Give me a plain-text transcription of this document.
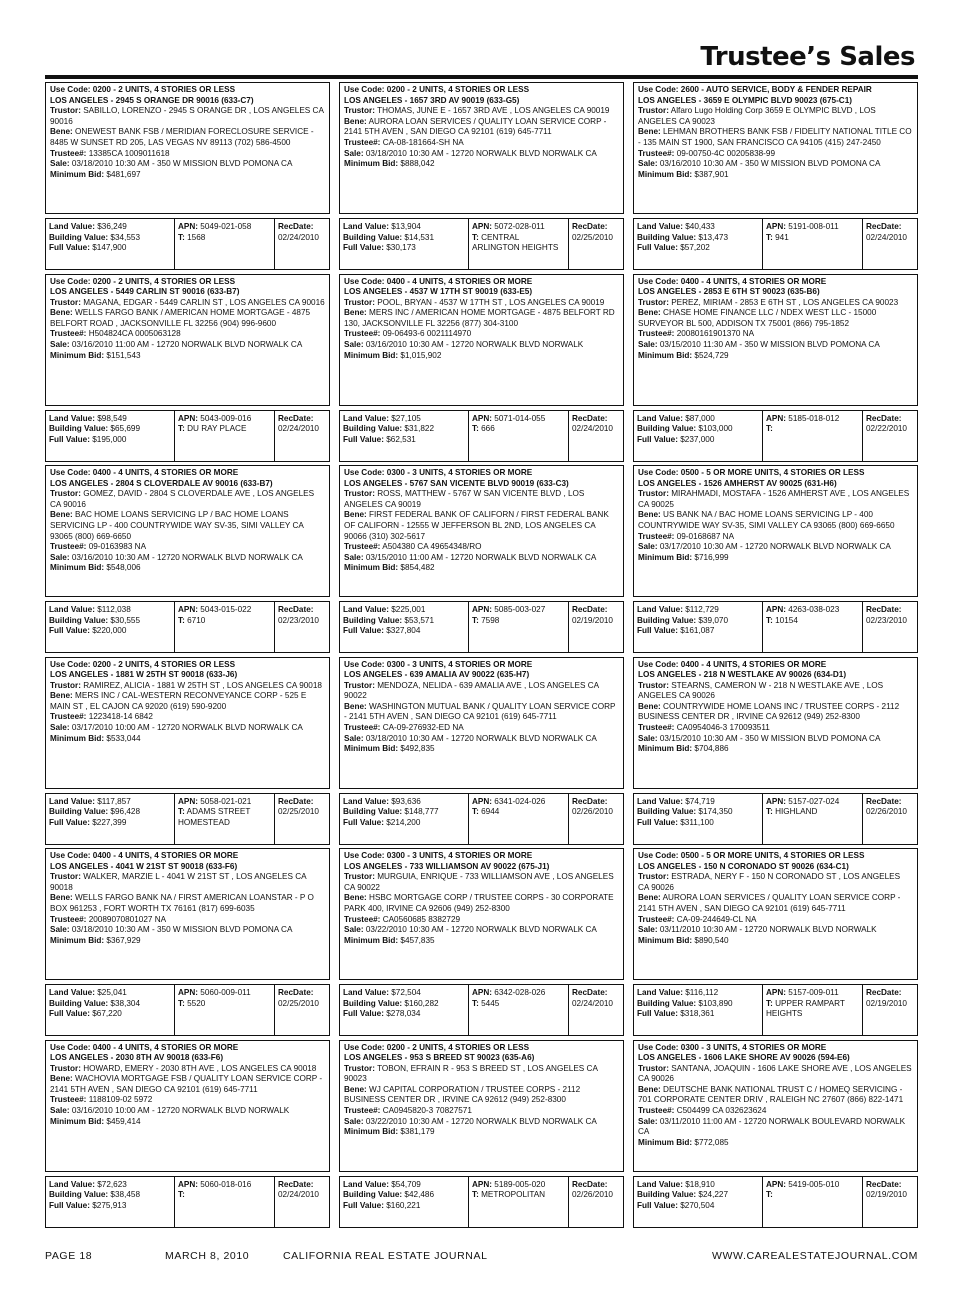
Trustee’s Sales
Use Code: 0200 - 2 UNITS, 4 STORIES OR LESS
LOS ANGELES - 2945 S ORANGE DR 90016 (633-C7)
Trustor: SABILLO, LORENZO - 2945 S ORANGE DR , LOS ANGELES CA 90016
Bene: ONEWEST BANK FSB / MERIDIAN FORECLOSURE SERVICE - 8485 W SUNSET RD 205, LAS VEGAS NV 89113 (702) 586-4500
Trustee#: 13385CA 1009011618
Sale: 03/18/2010 10:30 AM - 350 W MISSION BLVD POMONA CA
Minimum Bid: $481,697
Land Value: $36,249
Building Value: $34,553
Full Value: $147,900
APN: 5049-021-058
T: 1568
RecDate:
02/24/2010
Use Code: 0200 - 2 UNITS, 4 STORIES OR LESS
LOS ANGELES - 1657 3RD AV 90019 (633-G5)
Trustor: THOMAS, JUNE E - 1657 3RD AVE , LOS ANGELES CA 90019
Bene: AURORA LOAN SERVICES / QUALITY LOAN SERVICE CORP - 2141 5TH AVEN , SAN DIEGO CA 92101 (619) 645-7711
Trustee#: CA-08-181664-SH NA
Sale: 03/18/2010 10:30 AM - 12720 NORWALK BLVD NORWALK CA
Minimum Bid: $888,042
Land Value: $13,904
Building Value: $14,531
Full Value: $30,173
APN: 5072-028-011
T: CENTRAL ARLINGTON HEIGHTS
RecDate:
02/25/2010
Use Code: 2600 - AUTO SERVICE, BODY & FENDER REPAIR
LOS ANGELES - 3659 E OLYMPIC BLVD 90023 (675-C1)
Trustor: Alfaro Lugo Holding Corp 3659 E OLYMPIC BLVD , LOS ANGELES CA 90023
Bene: LEHMAN BROTHERS BANK FSB / FIDELITY NATIONAL TITLE CO - 135 MAIN ST 1900, SAN FRANCISCO CA 94105 (415) 247-2450
Trustee#: 09-00750-4C 00205838-99
Sale: 03/16/2010 10:30 AM - 350 W MISSION BLVD POMONA CA
Minimum Bid: $387,901
Land Value: $40,433
Building Value: $13,473
Full Value: $57,202
APN: 5191-008-011
T: 941
RecDate:
02/24/2010
Use Code: 0200 - 2 UNITS, 4 STORIES OR LESS
LOS ANGELES - 5449 CARLIN ST 90016 (633-B7)
Trustor: MAGANA, EDGAR - 5449 CARLIN ST , LOS ANGELES CA 90016
Bene: WELLS FARGO BANK / AMERICAN HOME MORTGAGE - 4875 BELFORT ROAD , JACKSONVILLE FL 32256 (904) 996-9600
Trustee#: H504824CA 0005063128
Sale: 03/16/2010 11:00 AM - 12720 NORWALK BLVD NORWALK CA
Minimum Bid: $151,543
Land Value: $98,549
Building Value: $65,699
Full Value: $195,000
APN: 5043-009-016
T: DU RAY PLACE
RecDate:
02/24/2010
Use Code: 0400 - 4 UNITS, 4 STORIES OR MORE
LOS ANGELES - 4537 W 17TH ST 90019 (633-E5)
Trustor: POOL, BRYAN - 4537 W 17TH ST , LOS ANGELES CA 90019
Bene: MERS INC / AMERICAN HOME MORTGAGE - 4875 BELFORT RD 130, JACKSONVILLE FL 32256 (877) 304-3100
Trustee#: 09-06493-6 0021114970
Sale: 03/16/2010 10:30 AM - 12720 NORWALK BLVD NORWALK
Minimum Bid: $1,015,902
Land Value: $27,105
Building Value: $31,822
Full Value: $62,531
APN: 5071-014-055
T: 666
RecDate:
02/24/2010
Use Code: 0400 - 4 UNITS, 4 STORIES OR MORE
LOS ANGELES - 2853 E 6TH ST 90023 (635-B6)
Trustor: PEREZ, MIRIAM - 2853 E 6TH ST , LOS ANGELES CA 90023
Bene: CHASE HOME FINANCE LLC / NDEX WEST LLC - 15000 SURVEYOR BL 500, ADDISON TX 75001 (866) 795-1852
Trustee#: 20080161901370 NA
Sale: 03/15/2010 11:30 AM - 350 W MISSION BLVD POMONA CA
Minimum Bid: $524,729
Land Value: $87,000
Building Value: $103,000
Full Value: $237,000
APN: 5185-018-012
T:
RecDate:
02/22/2010
Use Code: 0400 - 4 UNITS, 4 STORIES OR MORE
LOS ANGELES - 2804 S CLOVERDALE AV 90016 (633-B7)
Trustor: GOMEZ, DAVID - 2804 S CLOVERDALE AVE , LOS ANGELES CA 90016
Bene: BAC HOME LOANS SERVICING LP / BAC HOME LOANS SERVICING LP - 400 COUNTRYWIDE WAY SV-35, SIMI VALLEY CA 93065 (800) 669-6650
Trustee#: 09-0163983 NA
Sale: 03/16/2010 10:30 AM - 12720 NORWALK BLVD NORWALK CA
Minimum Bid: $548,006
Land Value: $112,038
Building Value: $30,555
Full Value: $220,000
APN: 5043-015-022
T: 6710
RecDate:
02/23/2010
Use Code: 0300 - 3 UNITS, 4 STORIES OR MORE
LOS ANGELES - 5767 SAN VICENTE BLVD 90019 (633-C3)
Trustor: ROSS, MATTHEW - 5767 W SAN VICENTE BLVD , LOS ANGELES CA 90019
Bene: FIRST FEDERAL BANK OF CALIFORN / FIRST FEDERAL BANK OF CALIFORN - 12555 W JEFFERSON BL 2ND, LOS ANGELES CA 90066 (310) 302-5617
Trustee#: A504380 CA 49654348/RO
Sale: 03/15/2010 11:00 AM - 12720 NORWALK BLVD NORWALK CA
Minimum Bid: $854,482
Land Value: $225,001
Building Value: $53,571
Full Value: $327,804
APN: 5085-003-027
T: 7598
RecDate:
02/19/2010
Use Code: 0500 - 5 OR MORE UNITS, 4 STORIES OR LESS
LOS ANGELES - 1526 AMHERST AV 90025 (631-H6)
Trustor: MIRAHMADI, MOSTAFA - 1526 AMHERST AVE , LOS ANGELES CA 90025
Bene: US BANK NA / BAC HOME LOANS SERVICING LP - 400 COUNTRYWIDE WAY SV-35, SIMI VALLEY CA 93065 (800) 669-6650
Trustee#: 09-0168687 NA
Sale: 03/17/2010 10:30 AM - 12720 NORWALK BLVD NORWALK CA
Minimum Bid: $716,999
Land Value: $112,729
Building Value: $39,070
Full Value: $161,087
APN: 4263-038-023
T: 10154
RecDate:
02/23/2010
Use Code: 0200 - 2 UNITS, 4 STORIES OR LESS
LOS ANGELES - 1881 W 25TH ST 90018 (633-J6)
Trustor: RAMIREZ, ALICIA - 1881 W 25TH ST , LOS ANGELES CA 90018
Bene: MERS INC / CAL-WESTERN RECONVEYANCE CORP - 525 E MAIN ST , EL CAJON CA 92020 (619) 590-9200
Trustee#: 1223418-14 6842
Sale: 03/17/2010 10:00 AM - 12720 NORWALK BLVD NORWALK CA
Minimum Bid: $533,044
Land Value: $117,857
Building Value: $96,428
Full Value: $227,399
APN: 5058-021-021
T: ADAMS STREET HOMESTEAD
RecDate:
02/25/2010
Use Code: 0300 - 3 UNITS, 4 STORIES OR MORE
LOS ANGELES - 639 AMALIA AV 90022 (635-H7)
Trustor: MENDOZA, NELIDA - 639 AMALIA AVE , LOS ANGELES CA 90022
Bene: WASHINGTON MUTUAL BANK / QUALITY LOAN SERVICE CORP - 2141 5TH AVEN , SAN DIEGO CA 92101 (619) 645-7711
Trustee#: CA-09-276932-ED NA
Sale: 03/18/2010 10:30 AM - 12720 NORWALK BLVD NORWALK CA
Minimum Bid: $492,835
Land Value: $93,636
Building Value: $148,777
Full Value: $214,200
APN: 6341-024-026
T: 6944
RecDate:
02/26/2010
Use Code: 0400 - 4 UNITS, 4 STORIES OR MORE
LOS ANGELES - 218 N WESTLAKE AV 90026 (634-D1)
Trustor: STEARNS, CAMERON W - 218 N WESTLAKE AVE , LOS ANGELES CA 90026
Bene: COUNTRYWIDE HOME LOANS INC / TRUSTEE CORPS - 2112 BUSINESS CENTER DR , IRVINE CA 92612 (949) 252-8300
Trustee#: CA0954046-3 170093511
Sale: 03/15/2010 10:30 AM - 350 W MISSION BLVD POMONA CA
Minimum Bid: $704,886
Land Value: $74,719
Building Value: $174,350
Full Value: $311,100
APN: 5157-027-024
T: HIGHLAND
RecDate:
02/26/2010
Use Code: 0400 - 4 UNITS, 4 STORIES OR MORE
LOS ANGELES - 4041 W 21ST ST 90018 (633-F6)
Trustor: WALKER, MARZIE L - 4041 W 21ST ST , LOS ANGELES CA 90018
Bene: WELLS FARGO BANK NA / FIRST AMERICAN LOANSTAR - P O BOX 961253 , FORT WORTH TX 76161 (817) 699-6035
Trustee#: 20089070801027 NA
Sale: 03/18/2010 10:30 AM - 350 W MISSION BLVD POMONA CA
Minimum Bid: $367,929
Land Value: $25,041
Building Value: $38,304
Full Value: $67,220
APN: 5060-009-011
T: 5520
RecDate:
02/25/2010
Use Code: 0300 - 3 UNITS, 4 STORIES OR MORE
LOS ANGELES - 733 WILLIAMSON AV 90022 (675-J1)
Trustor: MURGUIA, ENRIQUE - 733 WILLIAMSON AVE , LOS ANGELES CA 90022
Bene: HSBC MORTGAGE CORP / TRUSTEE CORPS - 30 CORPORATE PARK 400, IRVINE CA 92606 (949) 252-8300
Trustee#: CA0560685 8382729
Sale: 03/22/2010 10:30 AM - 12720 NORWALK BLVD NORWALK CA
Minimum Bid: $457,835
Land Value: $72,504
Building Value: $160,282
Full Value: $278,034
APN: 6342-028-026
T: 5445
RecDate:
02/24/2010
Use Code: 0500 - 5 OR MORE UNITS, 4 STORIES OR LESS
LOS ANGELES - 150 N CORONADO ST 90026 (634-C1)
Trustor: ESTRADA, NERY F - 150 N CORONADO ST , LOS ANGELES CA 90026
Bene: AURORA LOAN SERVICES / QUALITY LOAN SERVICE CORP - 2141 5TH AVEN , SAN DIEGO CA 92101 (619) 645-7711
Trustee#: CA-09-244649-CL NA
Sale: 03/11/2010 10:30 AM - 12720 NORWALK BLVD NORWALK
Minimum Bid: $890,540
Land Value: $116,112
Building Value: $103,890
Full Value: $318,361
APN: 5157-009-011
T: UPPER RAMPART HEIGHTS
RecDate:
02/19/2010
Use Code: 0400 - 4 UNITS, 4 STORIES OR MORE
LOS ANGELES - 2030 8TH AV 90018 (633-F6)
Trustor: HOWARD, EMERY - 2030 8TH AVE , LOS ANGELES CA 90018
Bene: WACHOVIA MORTGAGE FSB / QUALITY LOAN SERVICE CORP - 2141 5TH AVEN , SAN DIEGO CA 92101 (619) 645-7711
Trustee#: 1188109-02 5972
Sale: 03/16/2010 10:00 AM - 12720 NORWALK BLVD NORWALK
Minimum Bid: $459,414
Land Value: $72,623
Building Value: $38,458
Full Value: $275,913
APN: 5060-018-016
T:
RecDate:
02/24/2010
Use Code: 0200 - 2 UNITS, 4 STORIES OR LESS
LOS ANGELES - 953 S BREED ST 90023 (635-A6)
Trustor: TOBON, EFRAIN R - 953 S BREED ST , LOS ANGELES CA 90023
Bene: WJ CAPITAL CORPORATION / TRUSTEE CORPS - 2112 BUSINESS CENTER DR , IRVINE CA 92612 (949) 252-8300
Trustee#: CA0945820-3 70827571
Sale: 03/22/2010 10:30 AM - 12720 NORWALK BLVD NORWALK CA
Minimum Bid: $381,179
Land Value: $54,709
Building Value: $42,486
Full Value: $160,221
APN: 5189-005-020
T: METROPOLITAN
RecDate:
02/26/2010
Use Code: 0300 - 3 UNITS, 4 STORIES OR MORE
LOS ANGELES - 1606 LAKE SHORE AV 90026 (594-E6)
Trustor: SANTANA, JOAQUIN - 1606 LAKE SHORE AVE , LOS ANGELES CA 90026
Bene: DEUTSCHE BANK NATIONAL TRUST C / HOMEQ SERVICING - 701 CORPORATE CENTER DRIV , RALEIGH NC 27607 (866) 822-1471
Trustee#: C504499 CA 032623624
Sale: 03/11/2010 11:00 AM - 12720 NORWALK BOULEVARD NORWALK CA
Minimum Bid: $772,085
Land Value: $18,910
Building Value: $24,227
Full Value: $270,504
APN: 5419-005-010
T:
RecDate:
02/19/2010
PAGE 18	MARCH 8, 2010	CALIFORNIA REAL ESTATE JOURNAL	WWW.CAREALESTATEJOURNAL.COM
